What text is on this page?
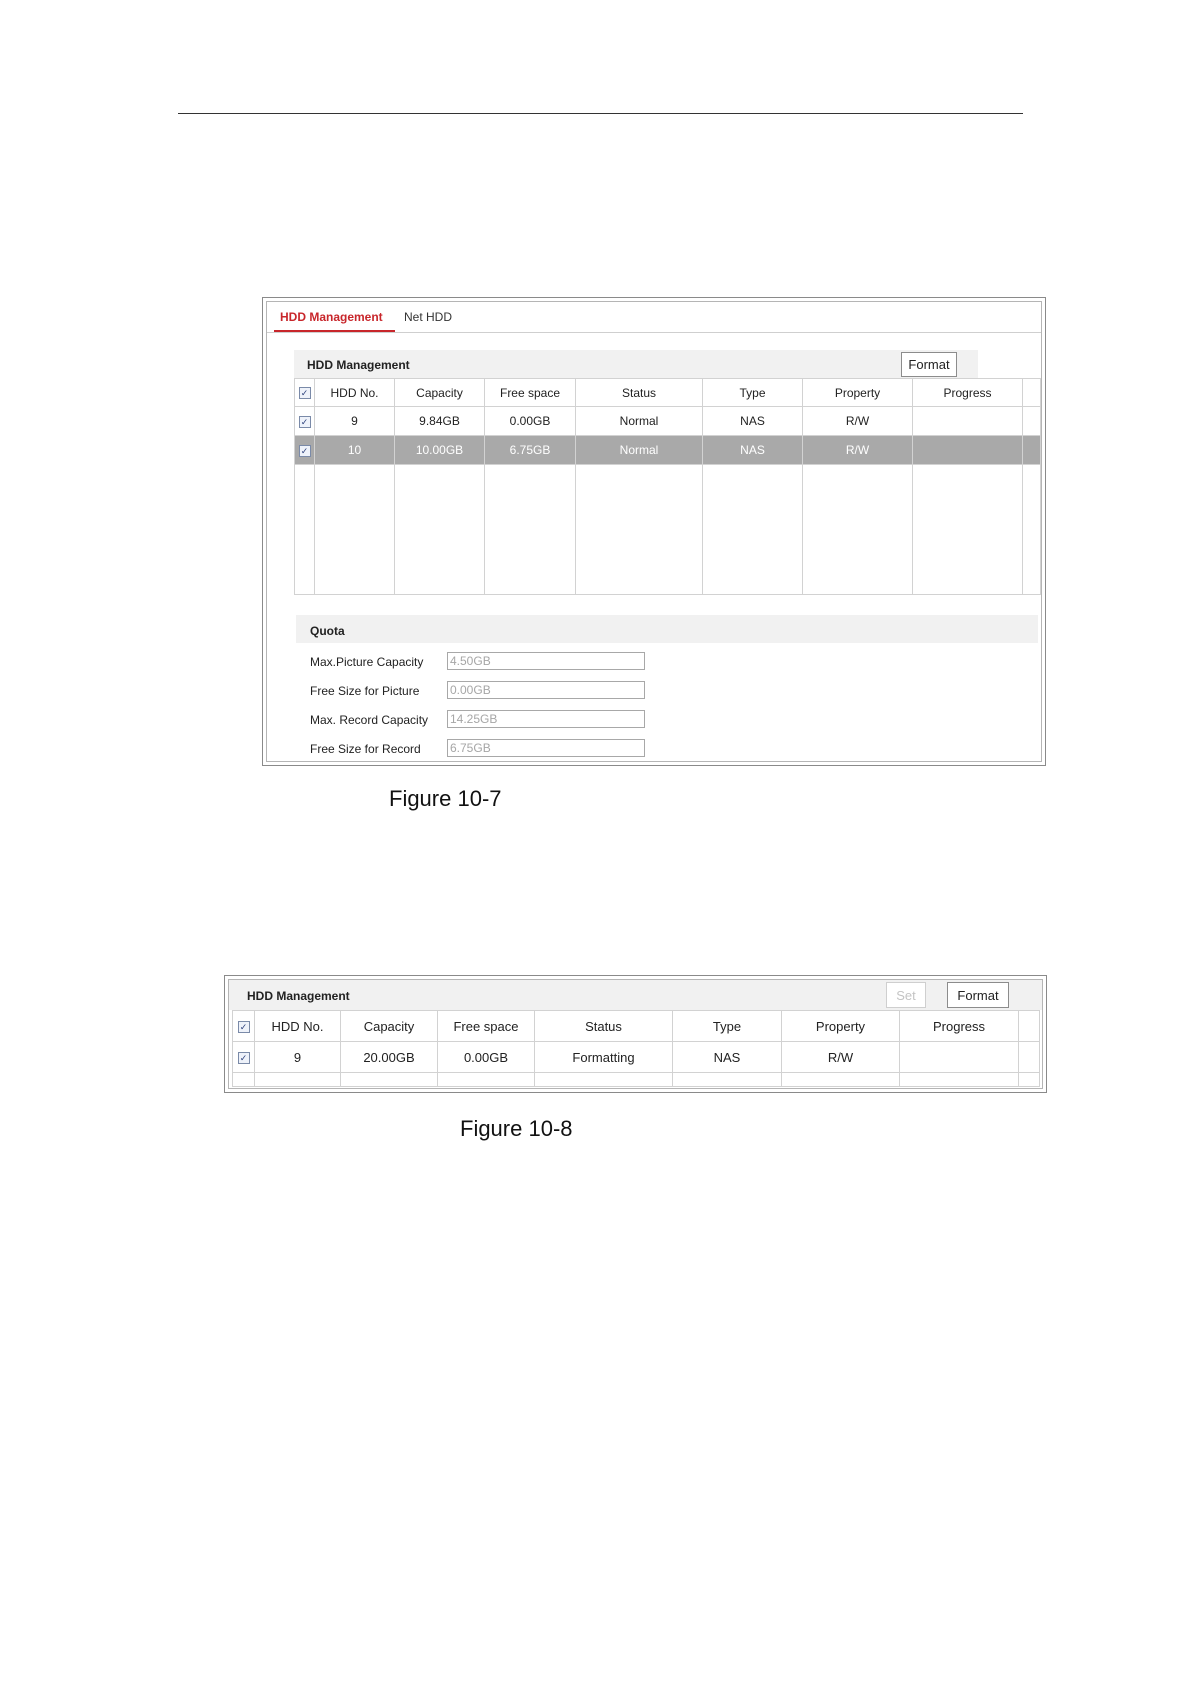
HDD Management Net HDD
HDD Management	Format
✓	HDD No.	Capacity	Free space	Status	Type	Property	Progress	
✓	9	9.84GB	0.00GB	Normal	NAS	R/W		
✓	10	10.00GB	6.75GB	Normal	NAS	R/W		

Quota
Max.Picture Capacity 4.50GB
Free Size for Picture	0.00GB
Max. Record Capacity 14.25GB
Free Size for Record 6.75GB
Figure 10-7
HDD Management	Set	Format
✓	HDD No.	Capacity	Free space	Status	Type	Property	Progress	
✓	9	20.00GB	0.00GB	Formatting	NAS	R/W		

Figure 10-8
